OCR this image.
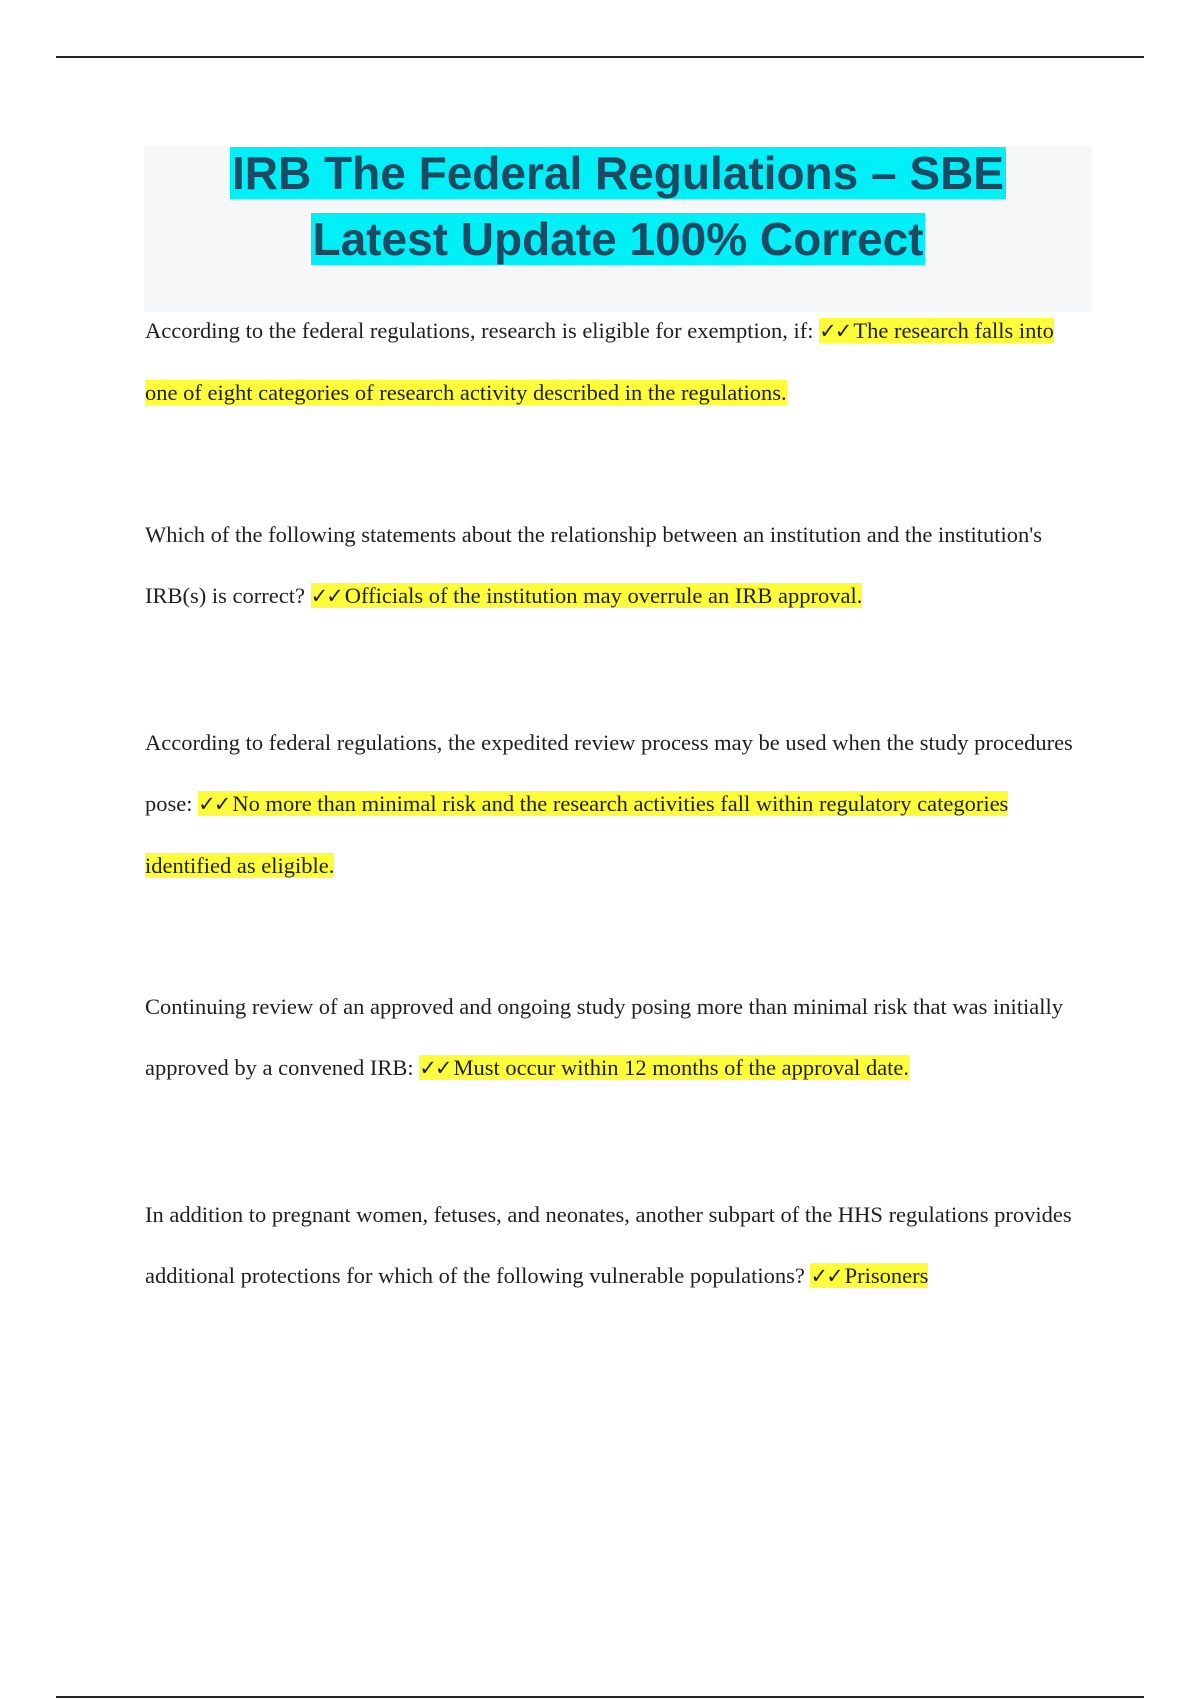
IRB The Federal Regulations – SBE
Latest Update 100% Correct

According to the federal regulations, research is eligible for exemption, if: ✓✓ The research falls into one of eight categories of research activity described in the regulations.

Which of the following statements about the relationship between an institution and the institution's IRB(s) is correct? ✓✓ Officials of the institution may overrule an IRB approval.

According to federal regulations, the expedited review process may be used when the study procedures pose: ✓✓ No more than minimal risk and the research activities fall within regulatory categories identified as eligible.

Continuing review of an approved and ongoing study posing more than minimal risk that was initially approved by a convened IRB: ✓✓ Must occur within 12 months of the approval date.

In addition to pregnant women, fetuses, and neonates, another subpart of the HHS regulations provides additional protections for which of the following vulnerable populations? ✓✓ Prisoners
